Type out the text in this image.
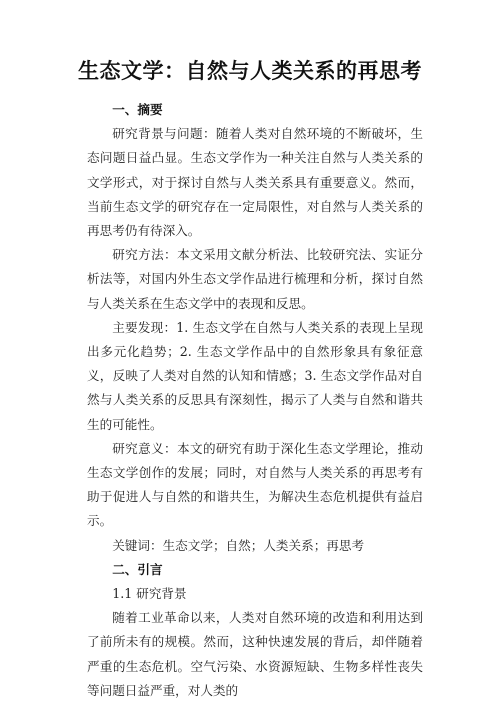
生态文学：自然与人类关系的再思考

一、摘要

研究背景与问题：随着人类对自然环境的不断破坏，生态问题日益凸显。生态文学作为一种关注自然与人类关系的文学形式，对于探讨自然与人类关系具有重要意义。然而，当前生态文学的研究存在一定局限性，对自然与人类关系的再思考仍有待深入。

研究方法：本文采用文献分析法、比较研究法、实证分析法等，对国内外生态文学作品进行梳理和分析，探讨自然与人类关系在生态文学中的表现和反思。

主要发现：1. 生态文学在自然与人类关系的表现上呈现出多元化趋势；2. 生态文学作品中的自然形象具有象征意义，反映了人类对自然的认知和情感；3. 生态文学作品对自然与人类关系的反思具有深刻性，揭示了人类与自然和谐共生的可能性。

研究意义：本文的研究有助于深化生态文学理论，推动生态文学创作的发展；同时，对自然与人类关系的再思考有助于促进人与自然的和谐共生，为解决生态危机提供有益启示。

关键词：生态文学；自然；人类关系；再思考

二、引言

1.1 研究背景

随着工业革命以来，人类对自然环境的改造和利用达到了前所未有的规模。然而，这种快速发展的背后，却伴随着严重的生态危机。空气污染、水资源短缺、生物多样性丧失等问题日益严重，对人类的
